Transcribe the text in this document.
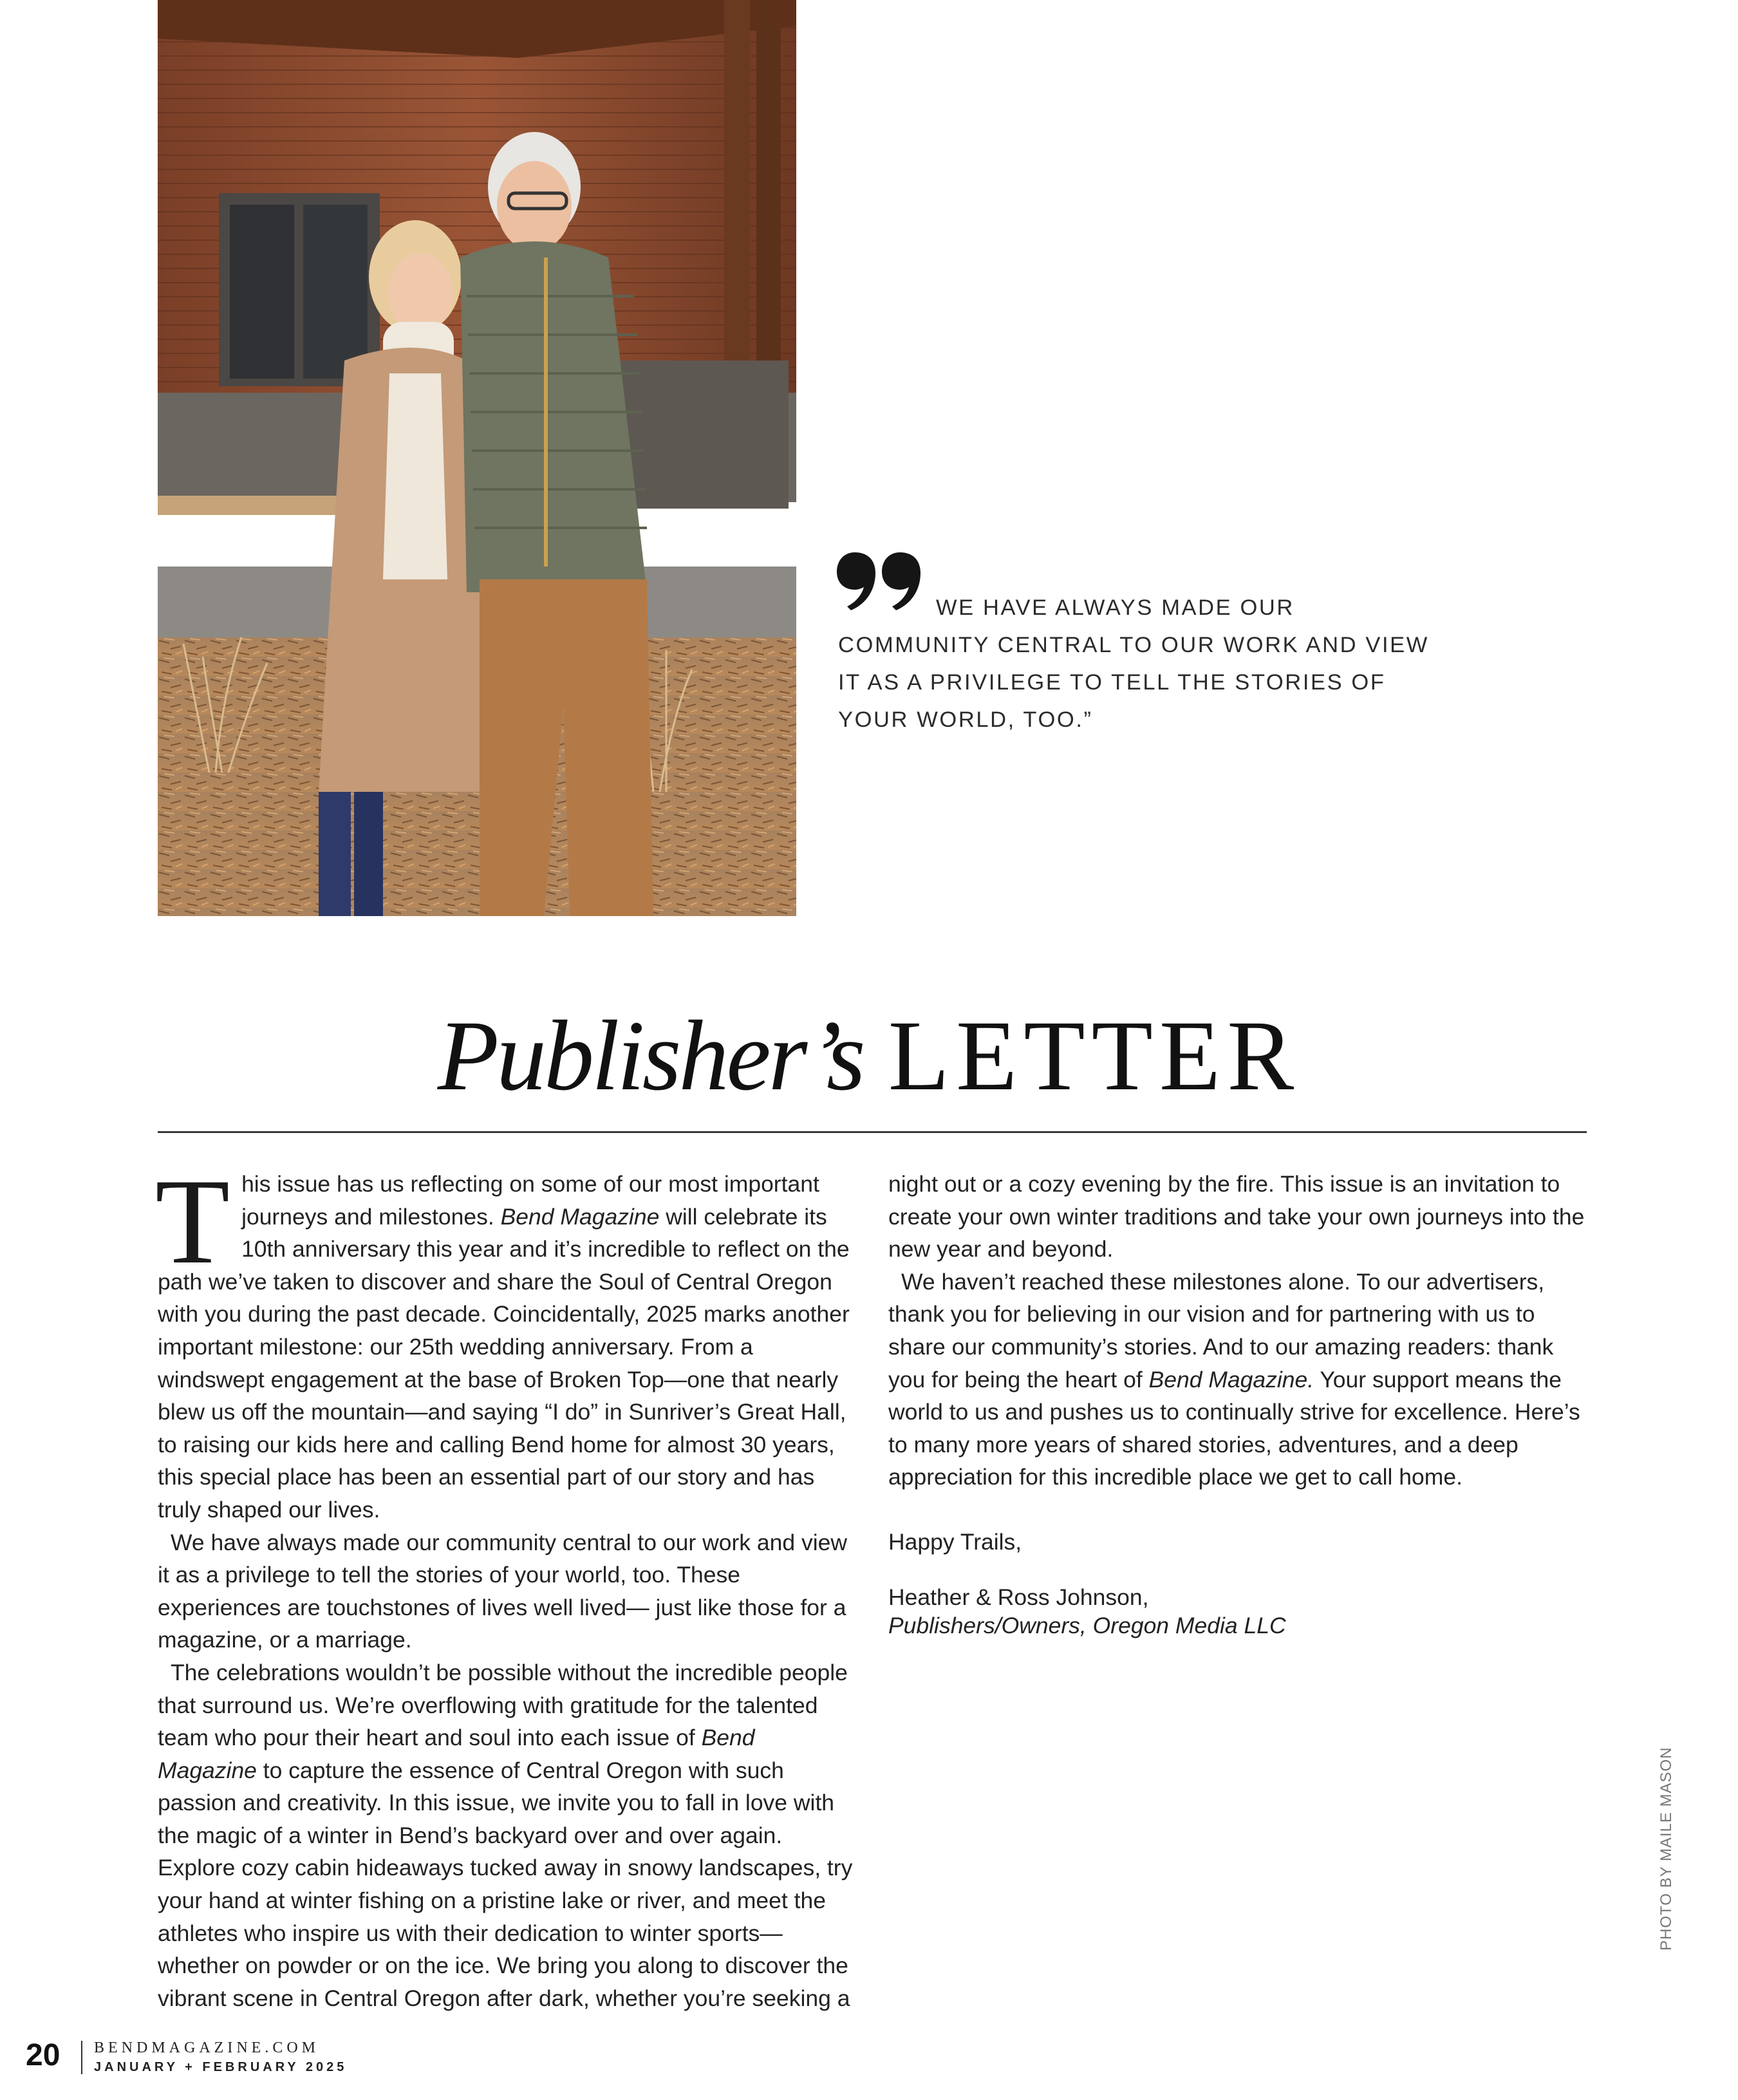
WE HAVE ALWAYS MADE OUR COMMUNITY CENTRAL TO OUR WORK AND VIEW IT AS A PRIVILEGE TO TELL THE STORIES OF YOUR WORLD, TOO.”
Publisher’s LETTER

This issue has us reflecting on some of our most important journeys and milestones. Bend Magazine will celebrate its 10th anniversary this year and it’s incredible to reflect on the path we’ve taken to discover and share the Soul of Central Oregon with you during the past decade. Coincidentally, 2025 marks another important milestone: our 25th wedding anniversary. From a windswept engagement at the base of Broken Top—one that nearly blew us off the mountain—and saying “I do” in Sunriver’s Great Hall, to raising our kids here and calling Bend home for almost 30 years, this special place has been an essential part of our story and has truly shaped our lives.

We have always made our community central to our work and view it as a privilege to tell the stories of your world, too. These experiences are touchstones of lives well lived— just like those for a magazine, or a marriage.

The celebrations wouldn’t be possible without the incredible people that surround us. We’re overflowing with gratitude for the talented team who pour their heart and soul into each issue of Bend Magazine to capture the essence of Central Oregon with such passion and creativity. In this issue, we invite you to fall in love with the magic of a winter in Bend’s backyard over and over again. Explore cozy cabin hideaways tucked away in snowy landscapes, try your hand at winter fishing on a pristine lake or river, and meet the athletes who inspire us with their dedication to winter sports—whether on powder or on the ice. We bring you along to discover the vibrant scene in Central Oregon after dark, whether you’re seeking a

night out or a cozy evening by the fire. This issue is an invitation to create your own winter traditions and take your own journeys into the new year and beyond.

We haven’t reached these milestones alone. To our advertisers, thank you for believing in our vision and for partnering with us to share our community’s stories. And to our amazing readers: thank you for being the heart of Bend Magazine. Your support means the world to us and pushes us to continually strive for excellence. Here’s to many more years of shared stories, adventures, and a deep appreciation for this incredible place we get to call home.

Happy Trails,

Heather & Ross Johnson,

Publishers/Owners, Oregon Media LLC

PHOTO BY MAILE MASON
20 BENDMAGAZINE.COM
JANUARY + FEBRUARY 2025
